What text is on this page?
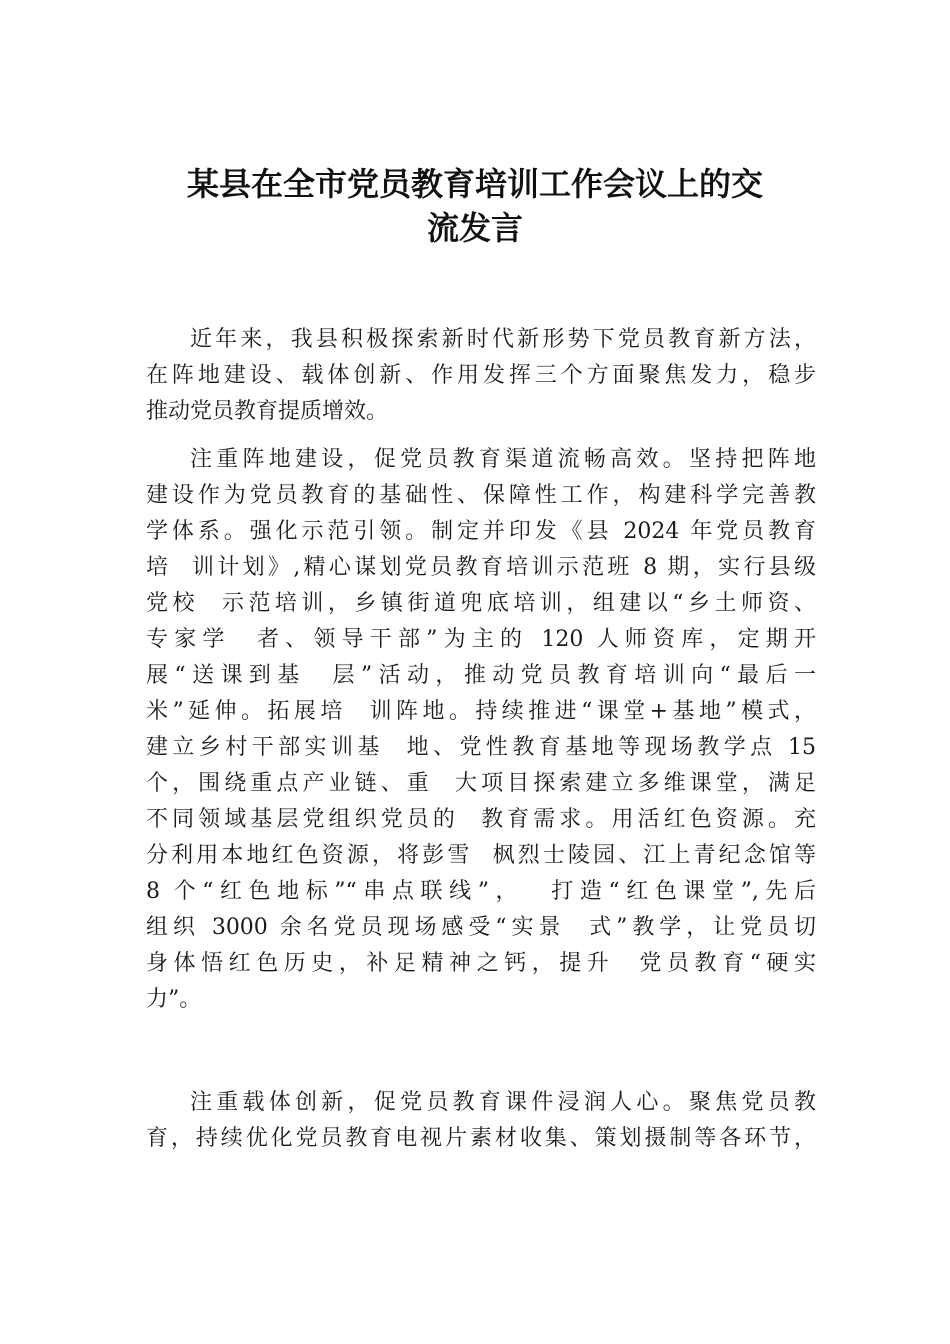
某县在全市党员教育培训工作会议上的交
流发言
近年来，我县积极探索新时代新形势下党员教育新方法，
在阵地建设、载体创新、作用发挥三个方面聚焦发力，稳步
推动党员教育提质增效。
注重阵地建设，促党员教育渠道流畅高效。坚持把阵地
建设作为党员教育的基础性、保障性工作，构建科学完善教
学体系。强化示范引领。制定并印发《县 2024 年党员教育
培  训计划》,精心谋划党员教育培训示范班 8 期，实行县级
党校  示范培训，乡镇街道兜底培训，组建以“乡土师资、
专家学  者、领导干部”为主的 120 人师资库，定期开
展“送课到基  层”活动，推动党员教育培训向“最后一
米”延伸。拓展培  训阵地。持续推进“课堂+基地”模式，
建立乡村干部实训基  地、党性教育基地等现场教学点 15
个，围绕重点产业链、重  大项目探索建立多维课堂，满足
不同领域基层党组织党员的  教育需求。用活红色资源。充
分利用本地红色资源，将彭雪  枫烈士陵园、江上青纪念馆等
8 个“红色地标”“串点联线”，  打造“红色课堂”,先后
组织 3000 余名党员现场感受“实景  式”教学，让党员切
身体悟红色历史，补足精神之钙，提升  党员教育“硬实
力”。
注重载体创新，促党员教育课件浸润人心。聚焦党员教
育，持续优化党员教育电视片素材收集、策划摄制等各环节，
